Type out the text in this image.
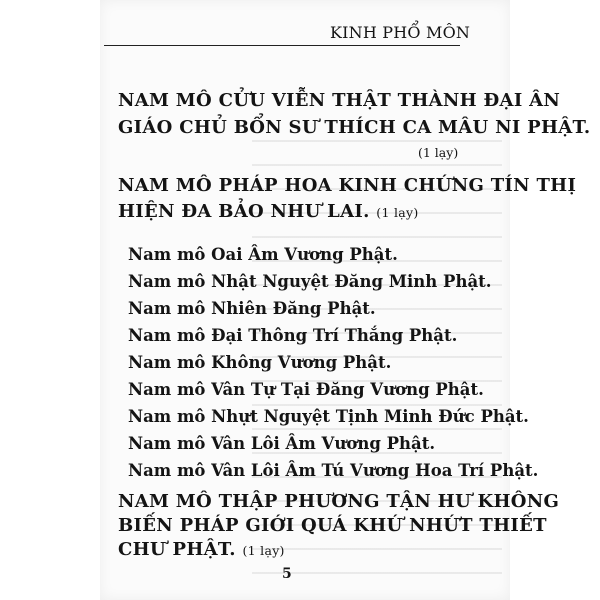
KINH PHỔ MÔN
NAM MÔ CỬU VIỄN THẬT THÀNH ĐẠI ÂN
GIÁO CHỦ BỔN SƯ THÍCH CA MÂU NI PHẬT.
(1 lạy)
NAM MÔ PHÁP HOA KINH CHỨNG TÍN THỊ
HIỆN ĐA BẢO NHƯ LAI. (1 lạy)
Nam mô Oai Âm Vương Phật.
Nam mô Nhật Nguyệt Đăng Minh Phật.
Nam mô Nhiên Đăng Phật.
Nam mô Đại Thông Trí Thắng Phật.
Nam mô Không Vương Phật.
Nam mô Vân Tự Tại Đăng Vương Phật.
Nam mô Nhựt Nguyệt Tịnh Minh Đức Phật.
Nam mô Vân Lôi Âm Vương Phật.
Nam mô Vân Lôi Âm Tú Vương Hoa Trí Phật.
NAM MÔ THẬP PHƯƠNG TẬN HƯ KHÔNG
BIẾN PHÁP GIỚI QUÁ KHỨ NHỨT THIẾT
CHƯ PHẬT. (1 lạy)
5
